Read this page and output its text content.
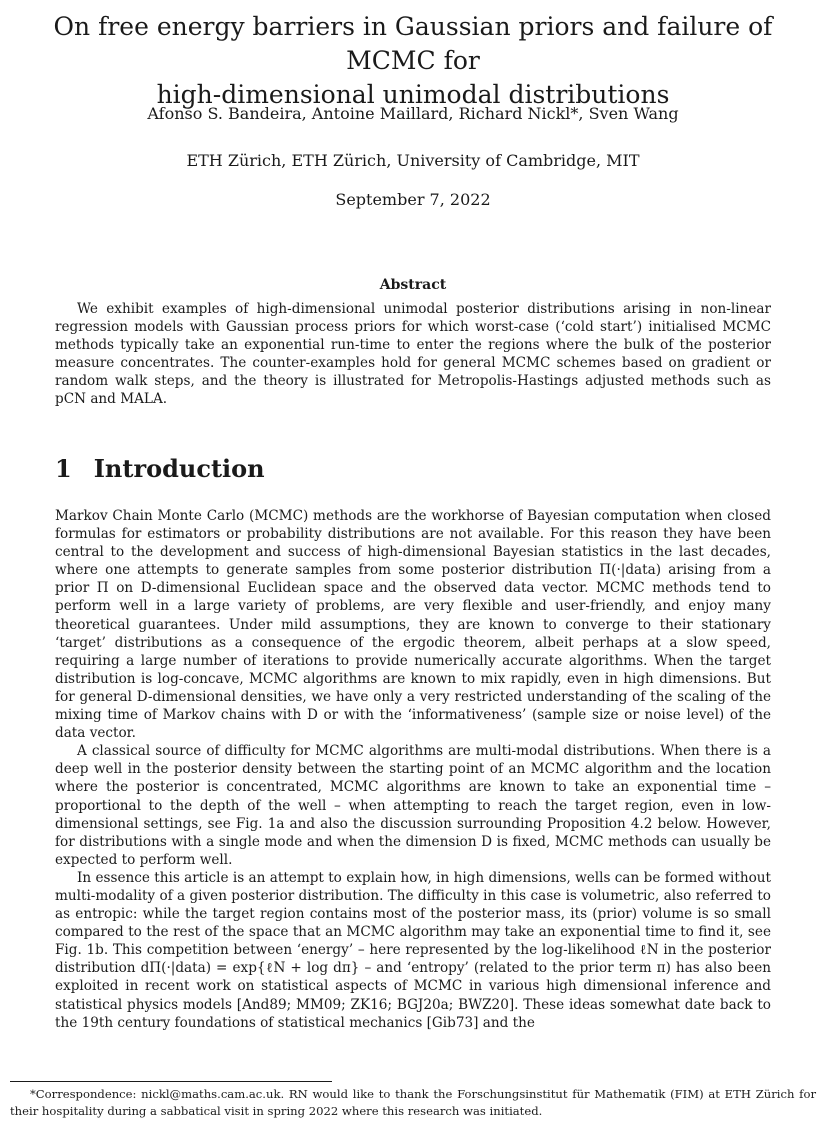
On free energy barriers in Gaussian priors and failure of MCMC for
high-dimensional unimodal distributions
Afonso S. Bandeira, Antoine Maillard, Richard Nickl*, Sven Wang
ETH Zürich, ETH Zürich, University of Cambridge, MIT
September 7, 2022
Abstract
We exhibit examples of high-dimensional unimodal posterior distributions arising in non-linear regression models with Gaussian process priors for which worst-case (‘cold start’) initialised MCMC methods typically take an exponential run-time to enter the regions where the bulk of the posterior measure concentrates. The counter-examples hold for general MCMC schemes based on gradient or random walk steps, and the theory is illustrated for Metropolis-Hastings adjusted methods such as pCN and MALA.
1 Introduction

Markov Chain Monte Carlo (MCMC) methods are the workhorse of Bayesian computation when closed formulas for estimators or probability distributions are not available. For this reason they have been central to the development and success of high-dimensional Bayesian statistics in the last decades, where one attempts to generate samples from some posterior distribution Π(·|data) arising from a prior Π on D-dimensional Euclidean space and the observed data vector. MCMC methods tend to perform well in a large variety of problems, are very flexible and user-friendly, and enjoy many theoretical guarantees. Under mild assumptions, they are known to converge to their stationary ‘target’ distributions as a consequence of the ergodic theorem, albeit perhaps at a slow speed, requiring a large number of iterations to provide numerically accurate algorithms. When the target distribution is log-concave, MCMC algorithms are known to mix rapidly, even in high dimensions. But for general D-dimensional densities, we have only a very restricted understanding of the scaling of the mixing time of Markov chains with D or with the ‘informativeness’ (sample size or noise level) of the data vector.

A classical source of difficulty for MCMC algorithms are multi-modal distributions. When there is a deep well in the posterior density between the starting point of an MCMC algorithm and the location where the posterior is concentrated, MCMC algorithms are known to take an exponential time – proportional to the depth of the well – when attempting to reach the target region, even in low-dimensional settings, see Fig. 1a and also the discussion surrounding Proposition 4.2 below. However, for distributions with a single mode and when the dimension D is fixed, MCMC methods can usually be expected to perform well.

In essence this article is an attempt to explain how, in high dimensions, wells can be formed without multi-modality of a given posterior distribution. The difficulty in this case is volumetric, also referred to as entropic: while the target region contains most of the posterior mass, its (prior) volume is so small compared to the rest of the space that an MCMC algorithm may take an exponential time to find it, see Fig. 1b. This competition between ‘energy’ – here represented by the log-likelihood ℓN in the posterior distribution dΠ(·|data) = exp{ℓN + log dπ} – and ‘entropy’ (related to the prior term π) has also been exploited in recent work on statistical aspects of MCMC in various high dimensional inference and statistical physics models [And89; MM09; ZK16; BGJ20a; BWZ20]. These ideas somewhat date back to the 19th century foundations of statistical mechanics [Gib73] and the

*Correspondence: nickl@maths.cam.ac.uk. RN would like to thank the Forschungsinstitut für Mathematik (FIM) at ETH Zürich for their hospitality during a sabbatical visit in spring 2022 where this research was initiated.
